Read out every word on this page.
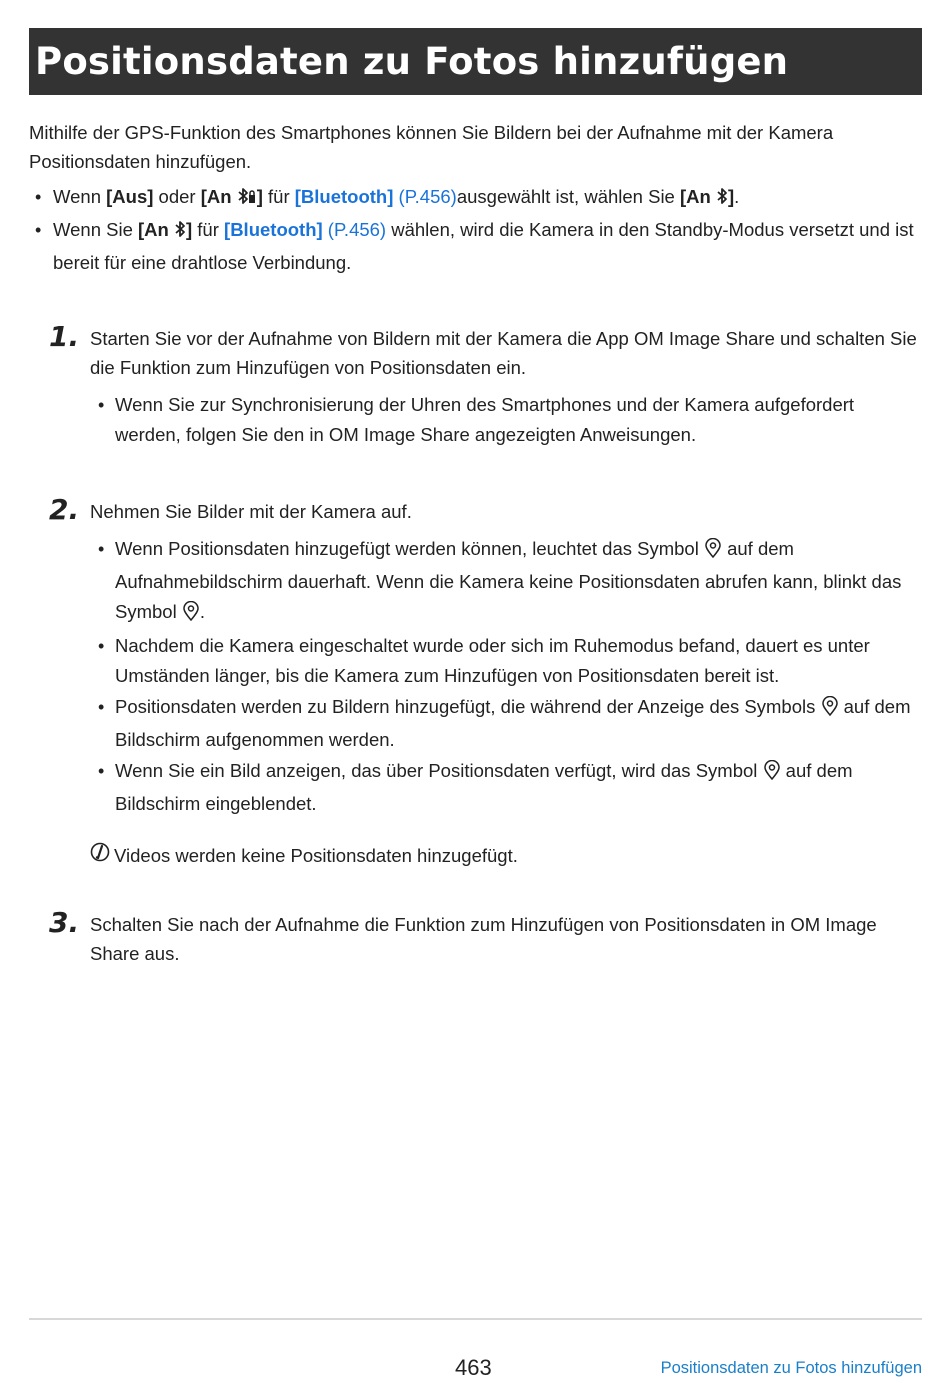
Positionsdaten zu Fotos hinzufügen

Mithilfe der GPS-Funktion des Smartphones können Sie Bildern bei der Aufnahme mit der Kamera Positionsdaten hinzufügen.

• Wenn [Aus] oder [An ] für [Bluetooth] (P.456)ausgewählt ist, wählen Sie [An ].
• Wenn Sie [An ] für [Bluetooth] (P.456) wählen, wird die Kamera in den Standby-Modus versetzt und ist bereit für eine drahtlose Verbindung.
1. Starten Sie vor der Aufnahme von Bildern mit der Kamera die App OM Image Share und schalten Sie die Funktion zum Hinzufügen von Positionsdaten ein.

• Wenn Sie zur Synchronisierung der Uhren des Smartphones und der Kamera aufgefordert werden, folgen Sie den in OM Image Share angezeigten Anweisungen.
2. Nehmen Sie Bilder mit der Kamera auf.

• Wenn Positionsdaten hinzugefügt werden können, leuchtet das Symbol  auf dem Aufnahmebildschirm dauerhaft. Wenn die Kamera keine Positionsdaten abrufen kann, blinkt das Symbol .
• Nachdem die Kamera eingeschaltet wurde oder sich im Ruhemodus befand, dauert es unter Umständen länger, bis die Kamera zum Hinzufügen von Positionsdaten bereit ist.
• Positionsdaten werden zu Bildern hinzugefügt, die während der Anzeige des Symbols  auf dem Bildschirm aufgenommen werden.
• Wenn Sie ein Bild anzeigen, das über Positionsdaten verfügt, wird das Symbol  auf dem Bildschirm eingeblendet.
Videos werden keine Positionsdaten hinzugefügt.
3. Schalten Sie nach der Aufnahme die Funktion zum Hinzufügen von Positionsdaten in OM Image Share aus.

463	Positionsdaten zu Fotos hinzufügen
